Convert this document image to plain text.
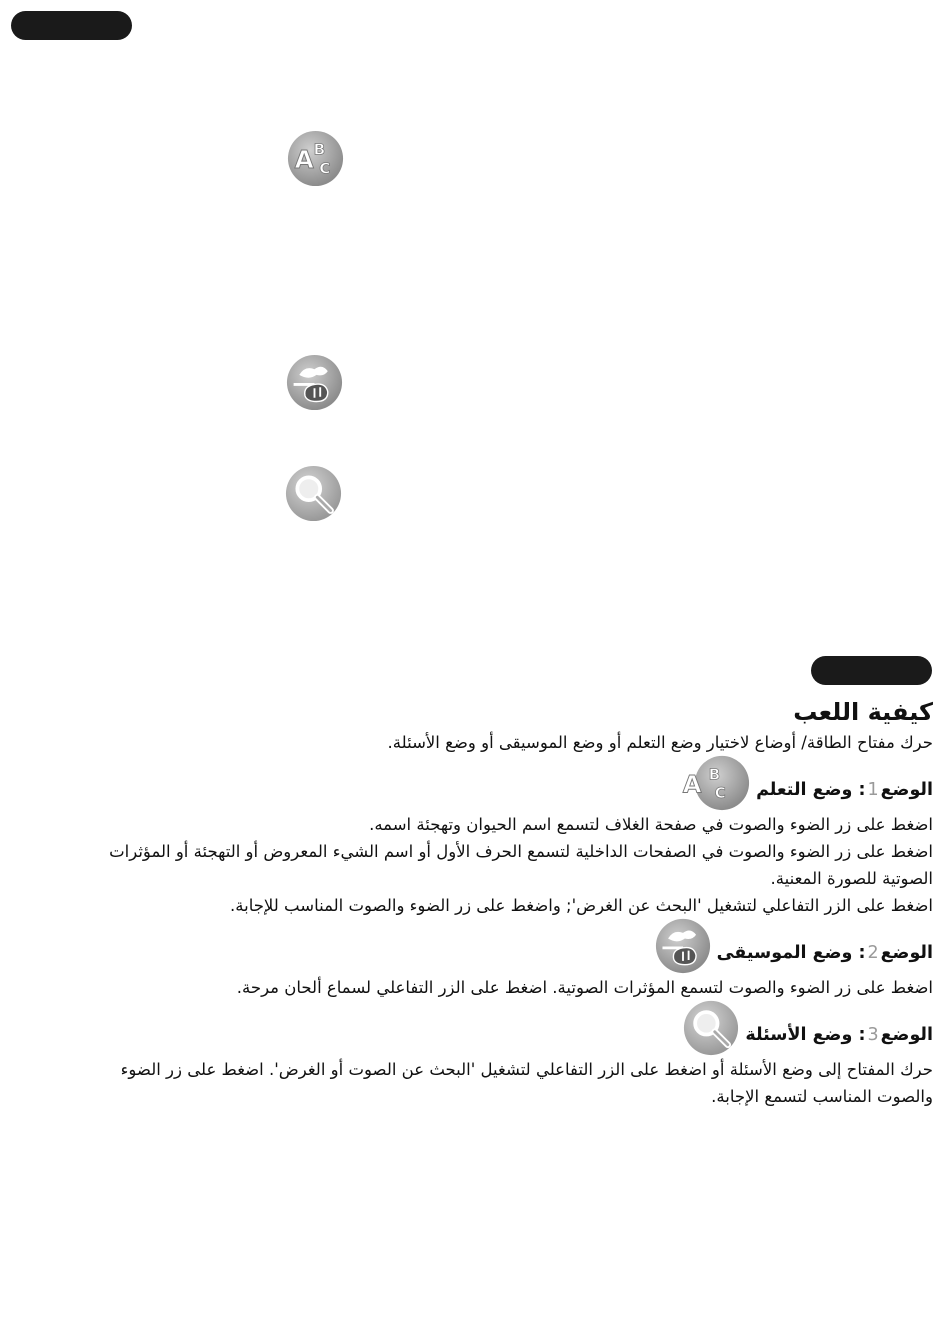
A B
C
كيفية اللعب

حرك مفتاح الطاقة/ أوضاع لاختيار وضع التعلم أو وضع الموسيقى أو وضع الأسئلة.

الوضع
1
: وضع التعلم
A B
C

اضغط على زر الضوء والصوت في صفحة الغلاف لتسمع اسم الحيوان وتهجئة اسمه.

اضغط على زر الضوء والصوت في الصفحات الداخلية لتسمع الحرف الأول أو اسم الشيء المعروض أو التهجئة أو المؤثرات الصوتية للصورة المعنية.

اضغط على الزر التفاعلي لتشغيل 'البحث عن الغرض'; واضغط على زر الضوء والصوت المناسب للإجابة.

الوضع
2
: وضع الموسيقى

اضغط على زر الضوء والصوت لتسمع المؤثرات الصوتية. اضغط على الزر التفاعلي لسماع ألحان مرحة.

الوضع
3
: وضع الأسئلة

حرك المفتاح إلى وضع الأسئلة أو اضغط على الزر التفاعلي لتشغيل 'البحث عن الصوت أو الغرض'. اضغط على زر الضوء والصوت المناسب لتسمع الإجابة.
